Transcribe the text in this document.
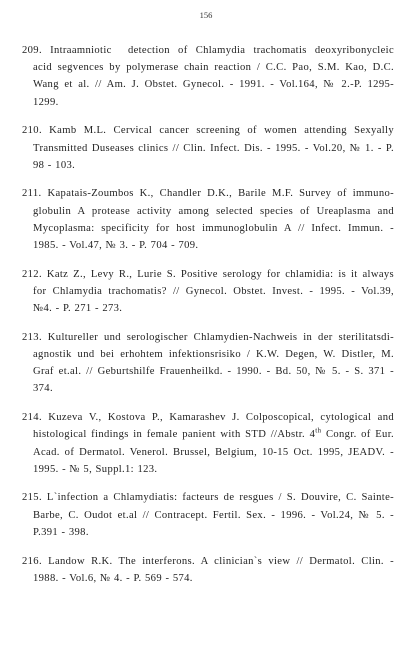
156
209. Intraamniotic  detection of Chlamydia trachomatis deoxyribonycleic
acid segvences by polymerase chain reaction / C.C. Pao, S.M. Kao, D.C.
Wang et al. // Am. J. Obstet. Gynecol. - 1991. - Vol.164, № 2.-P. 1295-
1299.
210. Kamb M.L. Cervical cancer screening of women attending Sexyally
Transmitted Duseases clinics // Clin. Infect. Dis. - 1995. - Vol.20, № 1. - P.
98 - 103.
211. Kapatais-Zoumbos K., Chandler D.K., Barile M.F. Survey of immuno-
globulin A protease activity among selected species of Ureaplasma and
Mycoplasma: specificity for host immunoglobulin A // Infect. Immun. -
1985. - Vol.47, № 3. - P. 704 - 709.
212. Katz Z., Levy R., Lurie S. Positive serology for chlamidia: is it always
for Chlamydia trachomatis? // Gynecol. Obstet. Invest. - 1995. - Vol.39,
№4. - P. 271 - 273.
213. Kultureller und serologischer Chlamydien-Nachweis in der sterilitatsdi-
agnostik und bei erhohtem infektionsrisiko / K.W. Degen, W. Distler, M.
Graf et.al. // Geburtshilfe Frauenheilkd. - 1990. - Bd. 50, № 5. - S. 371 -
374.
214. Kuzeva V., Kostova P., Kamarashev J. Colposcopical, cytological and
histological findings in female panient with STD //Abstr. 4th Congr. of Eur.
Acad. of Dermatol. Venerol. Brussel, Belgium, 10-15 Oct. 1995, JEADV. -
1995. - № 5, Suppl.1: 123.
215. L`infection a Chlamydiatis: facteurs de resgues / S. Douvire, C. Sainte-
Barbe, C. Oudot et.al // Contracept. Fertil. Sex. - 1996. - Vol.24, № 5. -
P.391 - 398.
216. Landow R.K. The interferons. A clinician`s view // Dermatol. Clin. -
1988. - Vol.6, № 4. - P. 569 - 574.
